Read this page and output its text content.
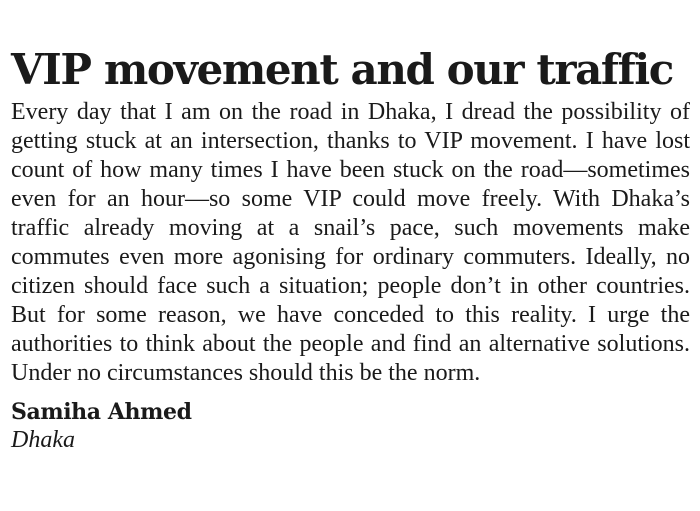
VIP movement and our traffic

Every day that I am on the road in Dhaka, I dread the possibility of getting stuck at an intersection, thanks to VIP movement. I have lost count of how many times I have been stuck on the road—sometimes even for an hour—so some VIP could move freely. With Dhaka’s traffic already moving at a snail’s pace, such movements make commutes even more agonising for ordinary commuters. Ideally, no citizen should face such a situation; people don’t in other countries. But for some reason, we have conceded to this reality. I urge the authorities to think about the people and find an alternative solutions. Under no circumstances should this be the norm.

Samiha Ahmed
Dhaka
